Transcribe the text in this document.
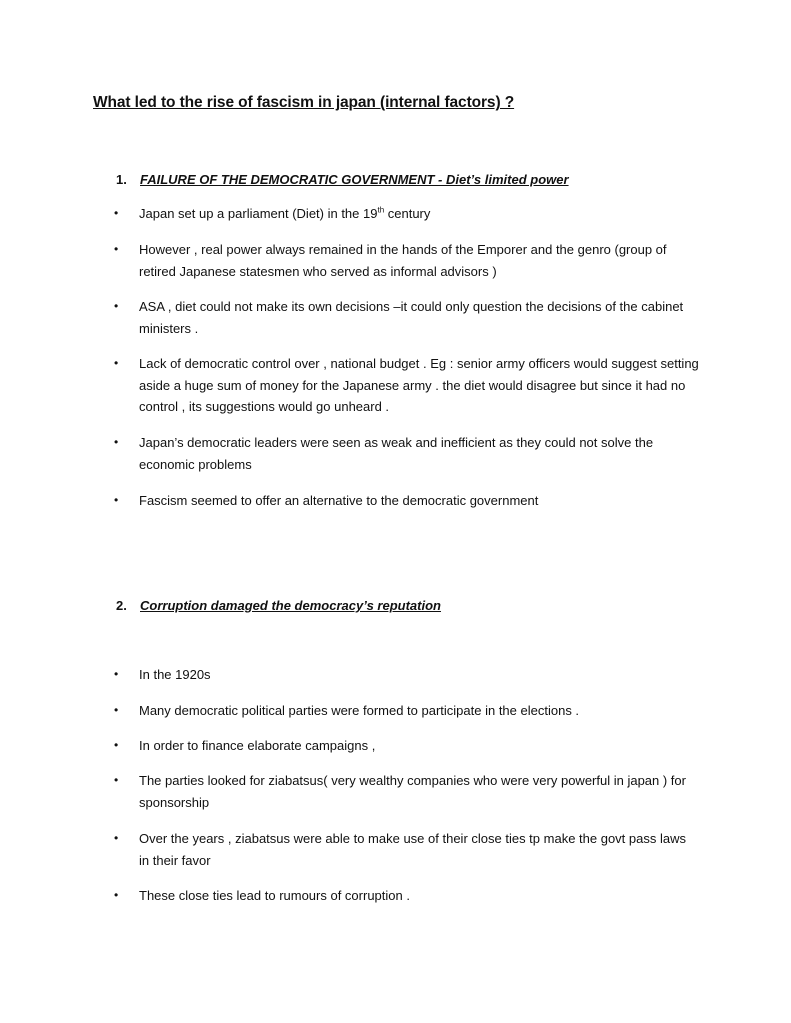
What led to the rise of fascism in japan (internal factors) ?
1. FAILURE OF THE DEMOCRATIC GOVERNMENT - Diet’s limited power
•	Japan set up a parliament (Diet) in the 19th century
•	However , real power always remained in the hands of the Emporer and the genro (group of retired Japanese statesmen who served as informal advisors )
•	ASA , diet could not make its own decisions –it could only question the decisions of the cabinet ministers .
•	Lack of democratic control over , national budget . Eg : senior army officers would suggest setting aside a huge sum of money for the Japanese army . the diet would disagree but since it had no control , its suggestions would go unheard .
•	Japan’s democratic leaders were seen as weak and inefficient as they could not solve the economic problems
•	Fascism seemed to offer an alternative to the democratic government
2. Corruption damaged the democracy’s reputation
•	In the 1920s
•	Many democratic political parties were formed to participate in the elections .
•	In order to finance elaborate campaigns ,
•	The parties looked for ziabatsus( very wealthy companies who were very powerful in japan ) for sponsorship
•	Over the years , ziabatsus were able to make use of their close ties tp make the govt pass laws in their favor
•	These close ties lead to rumours of corruption .
